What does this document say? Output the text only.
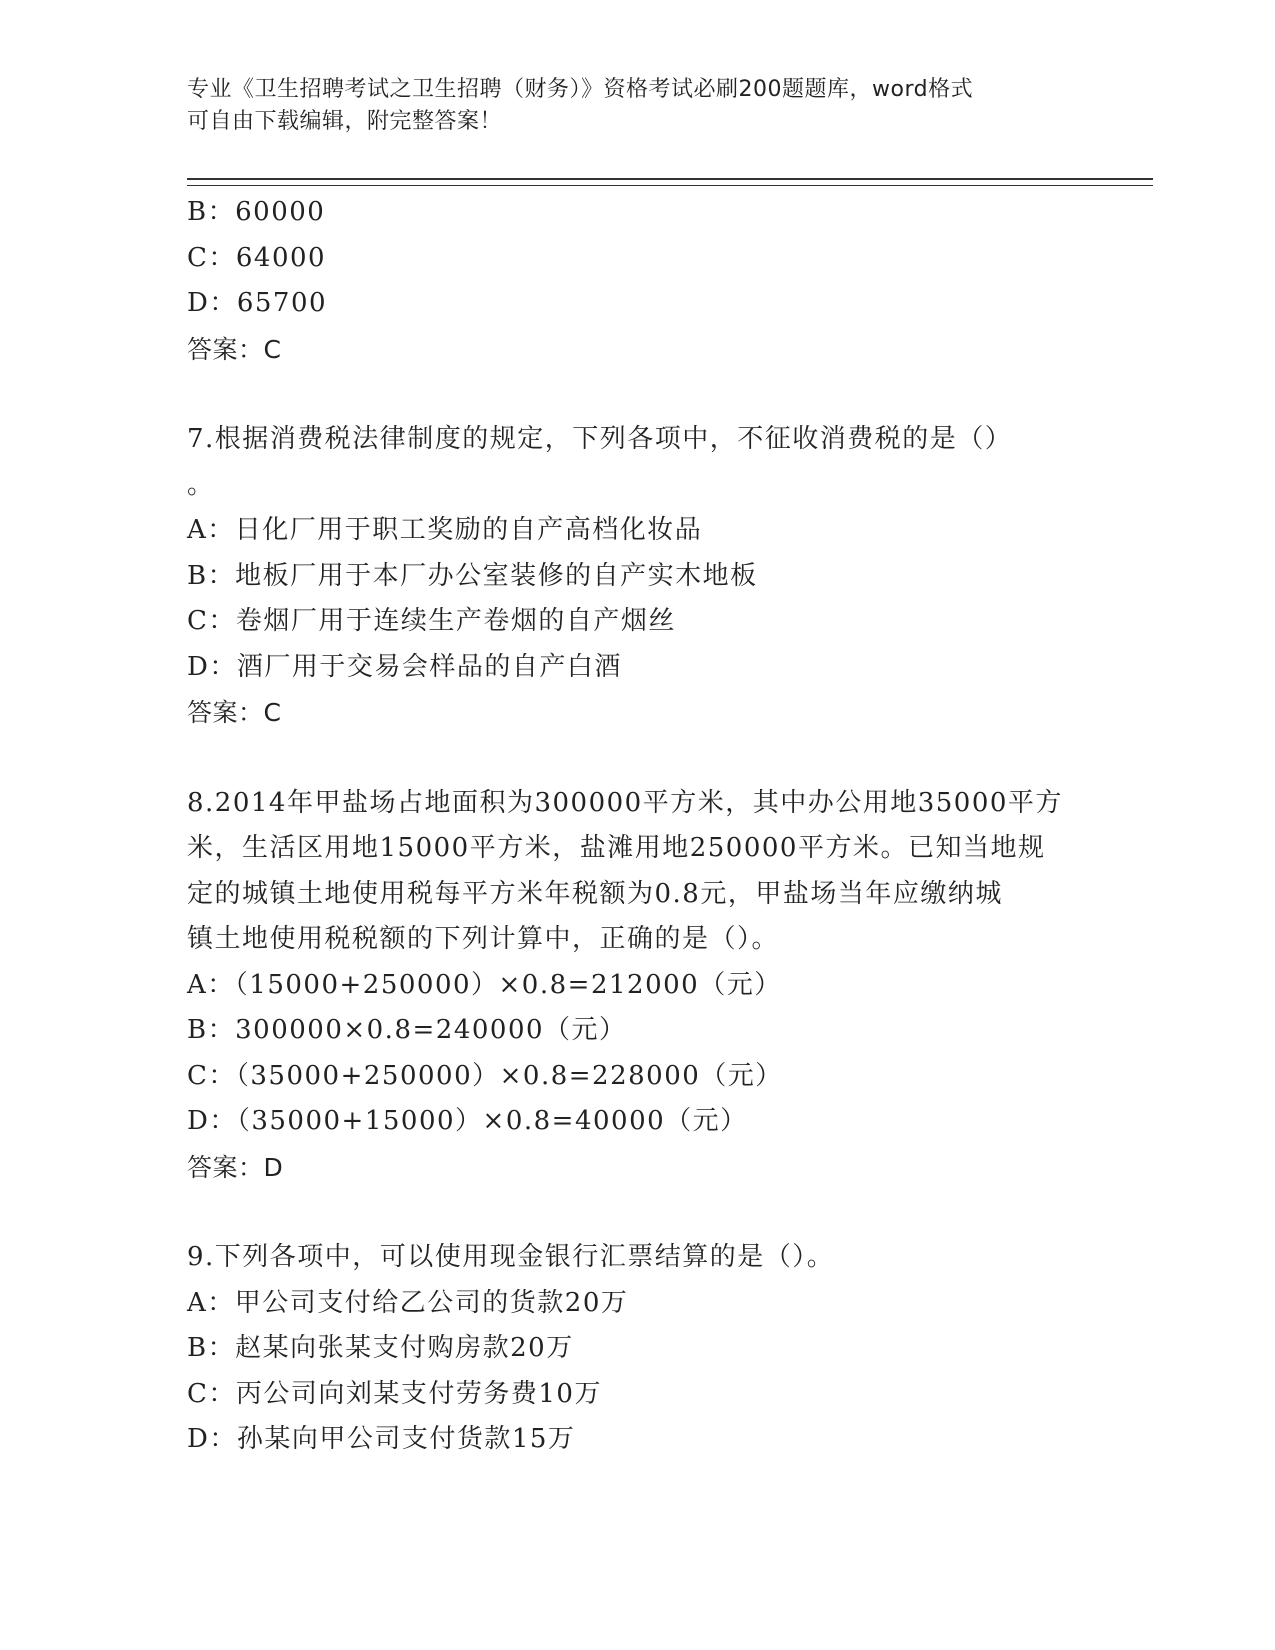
专业《卫生招聘考试之卫生招聘（财务）》资格考试必刷200题题库，word格式
可自由下载编辑，附完整答案！
B：60000
C：64000
D：65700
答案：C
7.根据消费税法律制度的规定，下列各项中，不征收消费税的是（）
。
A：日化厂用于职工奖励的自产高档化妆品
B：地板厂用于本厂办公室装修的自产实木地板
C：卷烟厂用于连续生产卷烟的自产烟丝
D：酒厂用于交易会样品的自产白酒
答案：C
8.2014年甲盐场占地面积为300000平方米，其中办公用地35000平方
米，生活区用地15000平方米，盐滩用地250000平方米。已知当地规
定的城镇土地使用税每平方米年税额为0.8元，甲盐场当年应缴纳城
镇土地使用税税额的下列计算中，正确的是（）。
A：（15000+250000）×0.8=212000（元）
B：300000×0.8=240000（元）
C：（35000+250000）×0.8=228000（元）
D：（35000+15000）×0.8=40000（元）
答案：D
9.下列各项中，可以使用现金银行汇票结算的是（）。
A：甲公司支付给乙公司的货款20万
B：赵某向张某支付购房款20万
C：丙公司向刘某支付劳务费10万
D：孙某向甲公司支付货款15万
